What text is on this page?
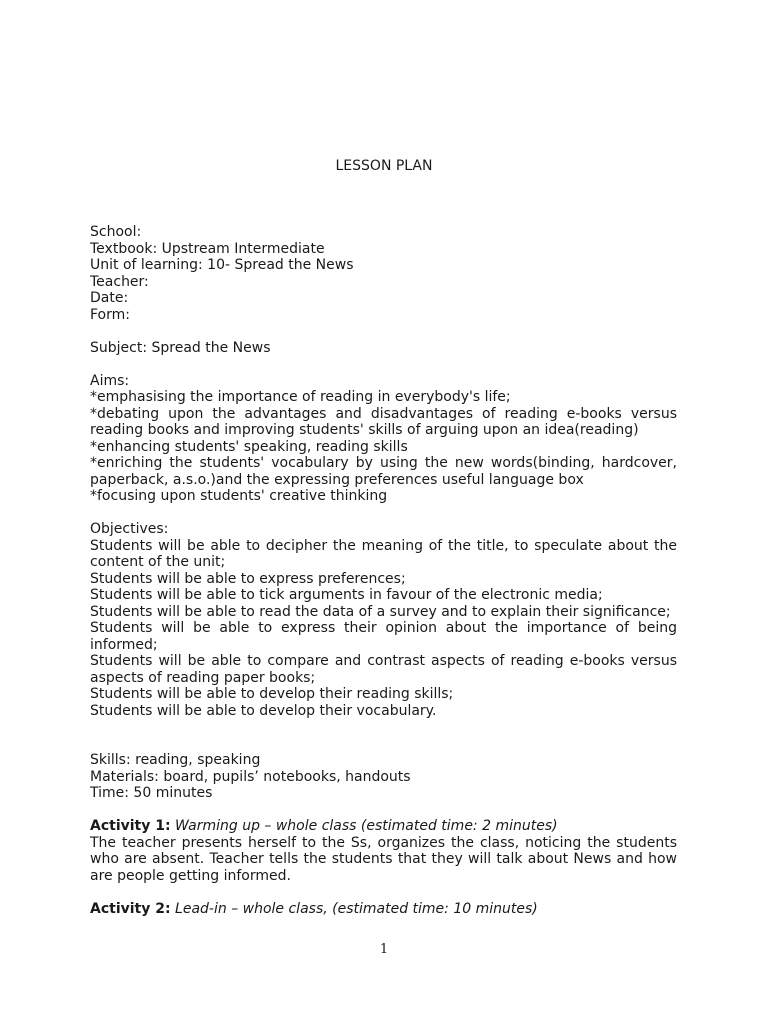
LESSON PLAN
School:
Textbook: Upstream Intermediate
Unit of learning: 10- Spread the News
Teacher:
Date:
Form:
Subject: Spread the News
Aims:
*emphasising the importance of reading in everybody's life;
*debating upon the advantages and disadvantages of reading e-books versus reading books and improving students' skills of arguing upon an idea(reading)
*enhancing students' speaking, reading skills
*enriching the students' vocabulary by using the new words(binding, hardcover, paperback, a.s.o.)and the expressing preferences useful language box
*focusing upon students' creative thinking
Objectives:
Students will be able to decipher the meaning of the title, to speculate about the content of the unit;
Students will be able to express preferences;
Students will be able to tick arguments in favour of the electronic media;
Students will be able to read the data of a survey and to explain their significance;
Students will be able to express their opinion about the importance of being informed;
Students will be able to compare and contrast aspects of reading e-books versus aspects of reading paper books;
Students will be able to develop their reading skills;
Students will be able to develop their vocabulary.
Skills: reading, speaking
Materials: board, pupils’ notebooks, handouts
Time: 50 minutes
Activity 1: Warming up – whole class (estimated time: 2 minutes)
The teacher presents herself to the Ss, organizes the class, noticing the students who are absent. Teacher tells the students that they will talk about News and how are people getting informed.
Activity 2: Lead-in – whole class, (estimated time: 10 minutes)
1
